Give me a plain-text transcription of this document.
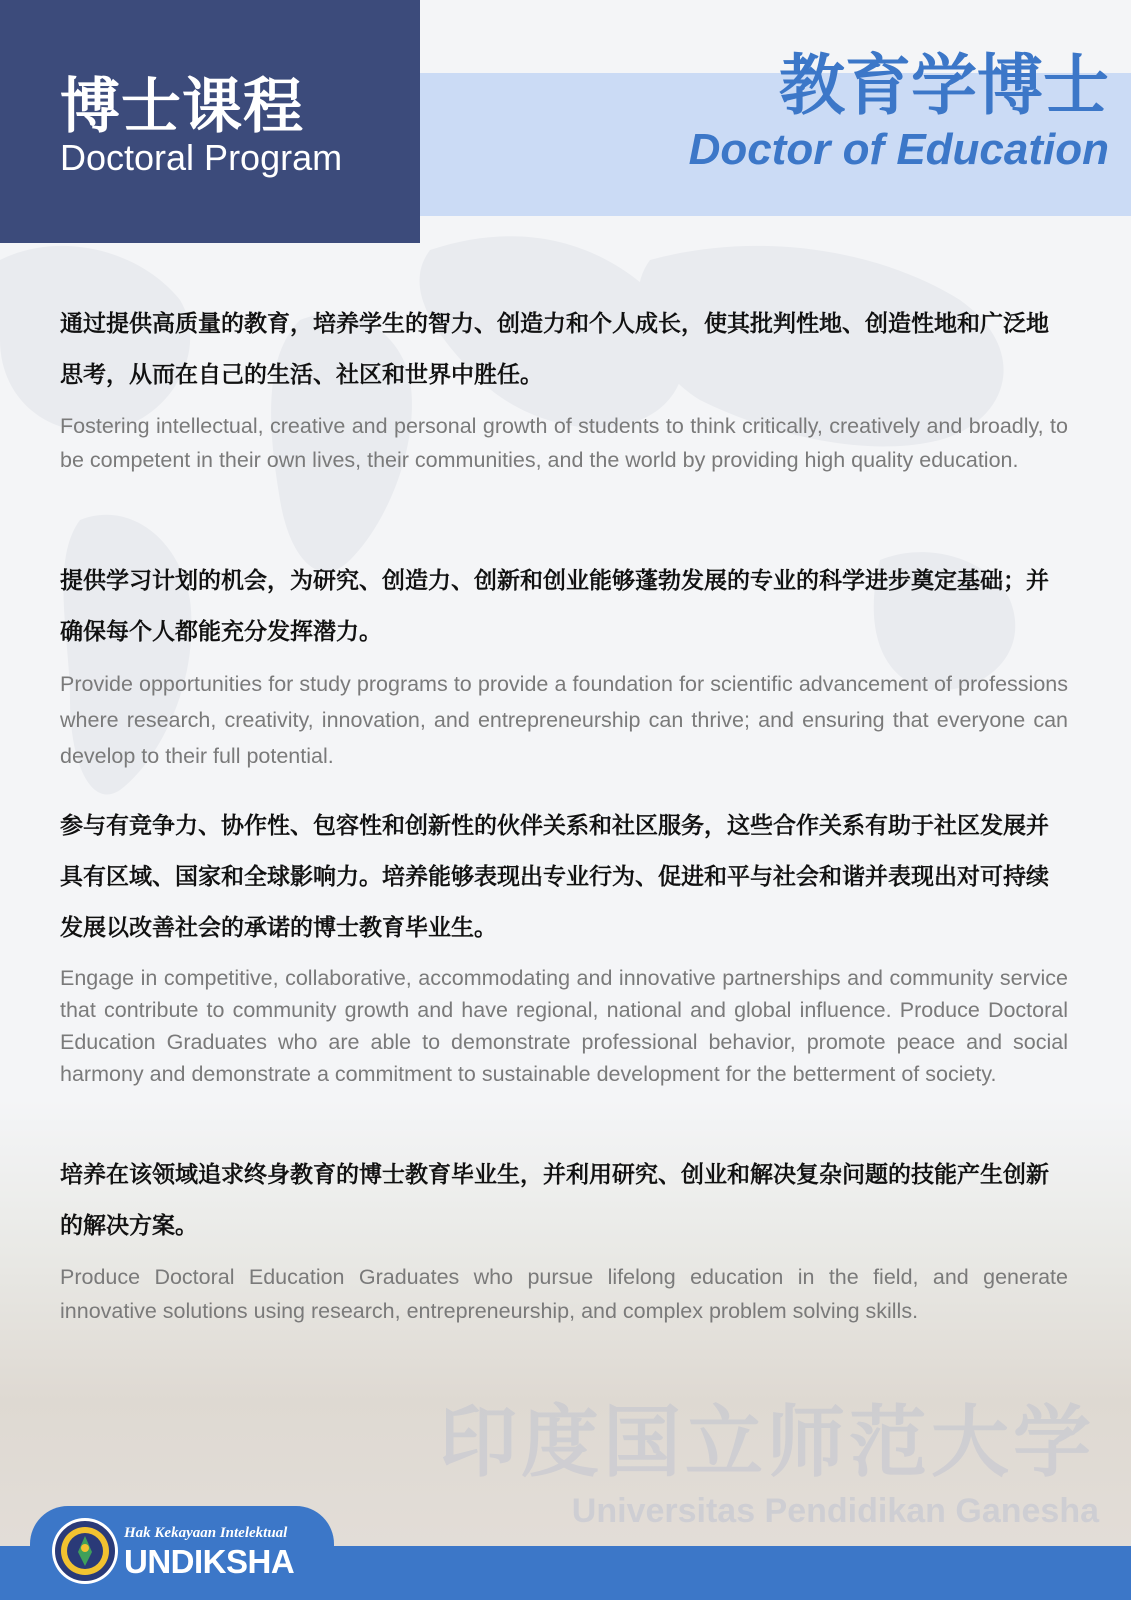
博士课程
Doctoral Program
教育学博士
Doctor of Education

通过提供高质量的教育，培养学生的智力、创造力和个人成长，使其批判性地、创造性地和广泛地思考，从而在自己的生活、社区和世界中胜任。

Fostering intellectual, creative and personal growth of students to think critically, creatively and broadly, to be competent in their own lives, their communities, and the world by providing high quality education.

提供学习计划的机会，为研究、创造力、创新和创业能够蓬勃发展的专业的科学进步奠定基础；并确保每个人都能充分发挥潜力。

Provide opportunities for study programs to provide a foundation for scientific advancement of professions where research, creativity, innovation, and entrepreneurship can thrive; and ensuring that everyone can develop to their full potential.

参与有竞争力、协作性、包容性和创新性的伙伴关系和社区服务，这些合作关系有助于社区发展并具有区域、国家和全球影响力。培养能够表现出专业行为、促进和平与社会和谐并表现出对可持续发展以改善社会的承诺的博士教育毕业生。

Engage in competitive, collaborative, accommodating and innovative partnerships and community service that contribute to community growth and have regional, national and global influence. Produce Doctoral Education Graduates who are able to demonstrate professional behavior, promote peace and social harmony and demonstrate a commitment to sustainable development for the betterment of society.

培养在该领域追求终身教育的博士教育毕业生，并利用研究、创业和解决复杂问题的技能产生创新的解决方案。

Produce Doctoral Education Graduates who pursue lifelong education in the field, and generate innovative solutions using research, entrepreneurship, and complex problem solving skills.

印度国立师范大学
Universitas Pendidikan Ganesha
Hak Kekayaan Intelektual
UNDIKSHA
